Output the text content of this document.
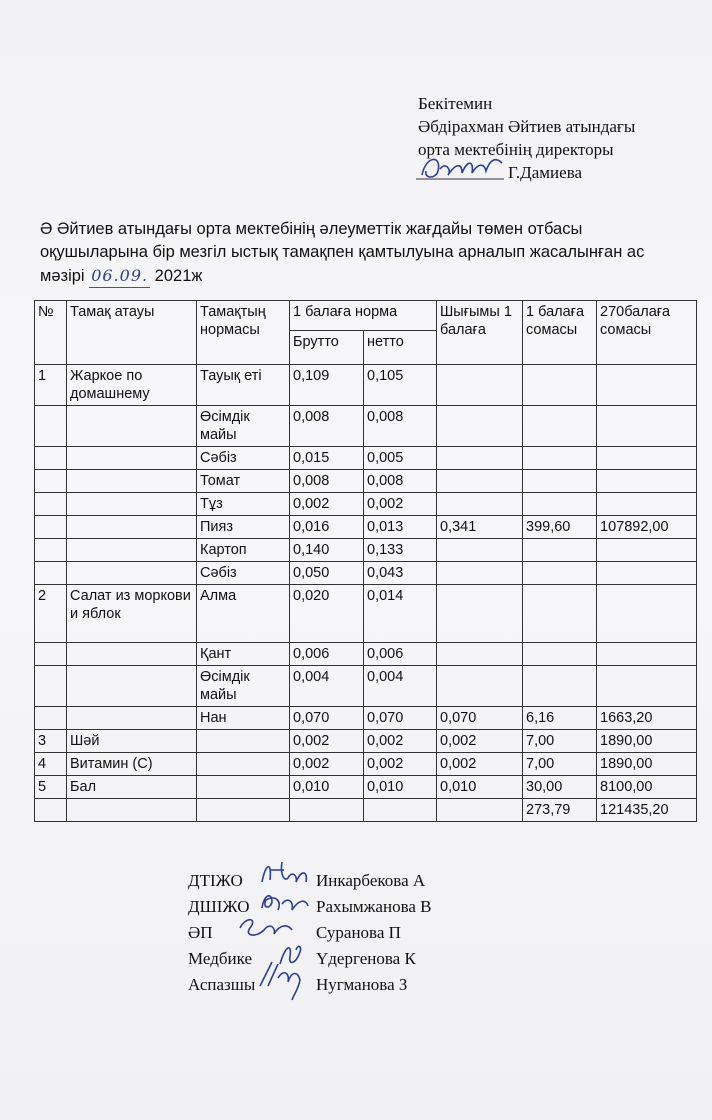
Бекітемин
Әбдірахман Әйтиев атындағы
орта мектебінің директоры
Г.Дамиева
Ә Әйтиев атындағы орта мектебінің әлеуметтік жағдайы төмен отбасы
оқушыларына бір мезгіл ыстық тамақпен қамтылуына арналып жасалынған ас
мәзірі 06.09. 2021ж
№	Тамақ атауы	Тамақтың нормасы	1 балаға норма		Шығымы 1 балаға	1 балаға сомасы	270балаға сомасы
			Брутто	нетто			
1	Жаркое по домашнему	Тауық еті	0,109	0,105			
		Өсімдік майы	0,008	0,008			
		Сәбіз	0,015	0,005			
		Томат	0,008	0,008			
		Тұз	0,002	0,002			
		Пияз	0,016	0,013	0,341	399,60	107892,00
		Картоп	0,140	0,133			
		Сәбіз	0,050	0,043			
2	Салат из моркови и яблок	Алма	0,020	0,014			
		Қант	0,006	0,006			
		Өсімдік майы	0,004	0,004			
		Нан	0,070	0,070	0,070	6,16	1663,20
3	Шәй		0,002	0,002	0,002	7,00	1890,00
4	Витамин (С)		0,002	0,002	0,002	7,00	1890,00
5	Бал		0,010	0,010	0,010	30,00	8100,00
						273,79	121435,20
ДТІЖО	Инкарбекова А
ДШІЖО	Рахымжанова В
ӘП	Суранова П
Медбике	Үдергенова К
Аспазшы	Нугманова З
